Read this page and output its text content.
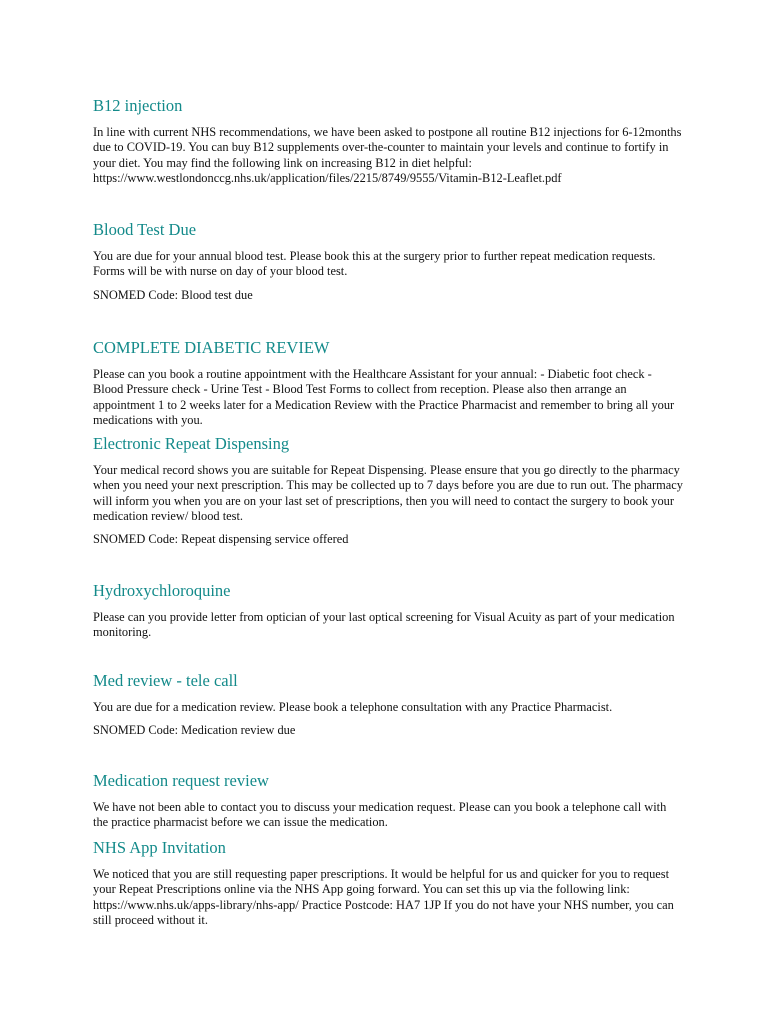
B12 injection

In line with current NHS recommendations, we have been asked to postpone all routine B12 injections for 6-12months due to COVID-19. You can buy B12 supplements over-the-counter to maintain your levels and continue to fortify in your diet. You may find the following link on increasing B12 in diet helpful: https://www.westlondonccg.nhs.uk/application/files/2215/8749/9555/Vitamin-B12-Leaflet.pdf

Blood Test Due

You are due for your annual blood test. Please book this at the surgery prior to further repeat medication requests. Forms will be with nurse on day of your blood test.

SNOMED Code: Blood test due

COMPLETE DIABETIC REVIEW

Please can you book a routine appointment with the Healthcare Assistant for your annual: - Diabetic foot check - Blood Pressure check - Urine Test - Blood Test Forms to collect from reception. Please also then arrange an appointment 1 to 2 weeks later for a Medication Review with the Practice Pharmacist and remember to bring all your medications with you.

Electronic Repeat Dispensing

Your medical record shows you are suitable for Repeat Dispensing. Please ensure that you go directly to the pharmacy when you need your next prescription. This may be collected up to 7 days before you are due to run out. The pharmacy will inform you when you are on your last set of prescriptions, then you will need to contact the surgery to book your medication review/ blood test.

SNOMED Code: Repeat dispensing service offered

Hydroxychloroquine

Please can you provide letter from optician of your last optical screening for Visual Acuity as part of your medication monitoring.

Med review - tele call

You are due for a medication review. Please book a telephone consultation with any Practice Pharmacist.

SNOMED Code: Medication review due

Medication request review

We have not been able to contact you to discuss your medication request. Please can you book a telephone call with the practice pharmacist before we can issue the medication.

NHS App Invitation

We noticed that you are still requesting paper prescriptions. It would be helpful for us and quicker for you to request your Repeat Prescriptions online via the NHS App going forward. You can set this up via the following link: https://www.nhs.uk/apps-library/nhs-app/ Practice Postcode: HA7 1JP If you do not have your NHS number, you can still proceed without it.
